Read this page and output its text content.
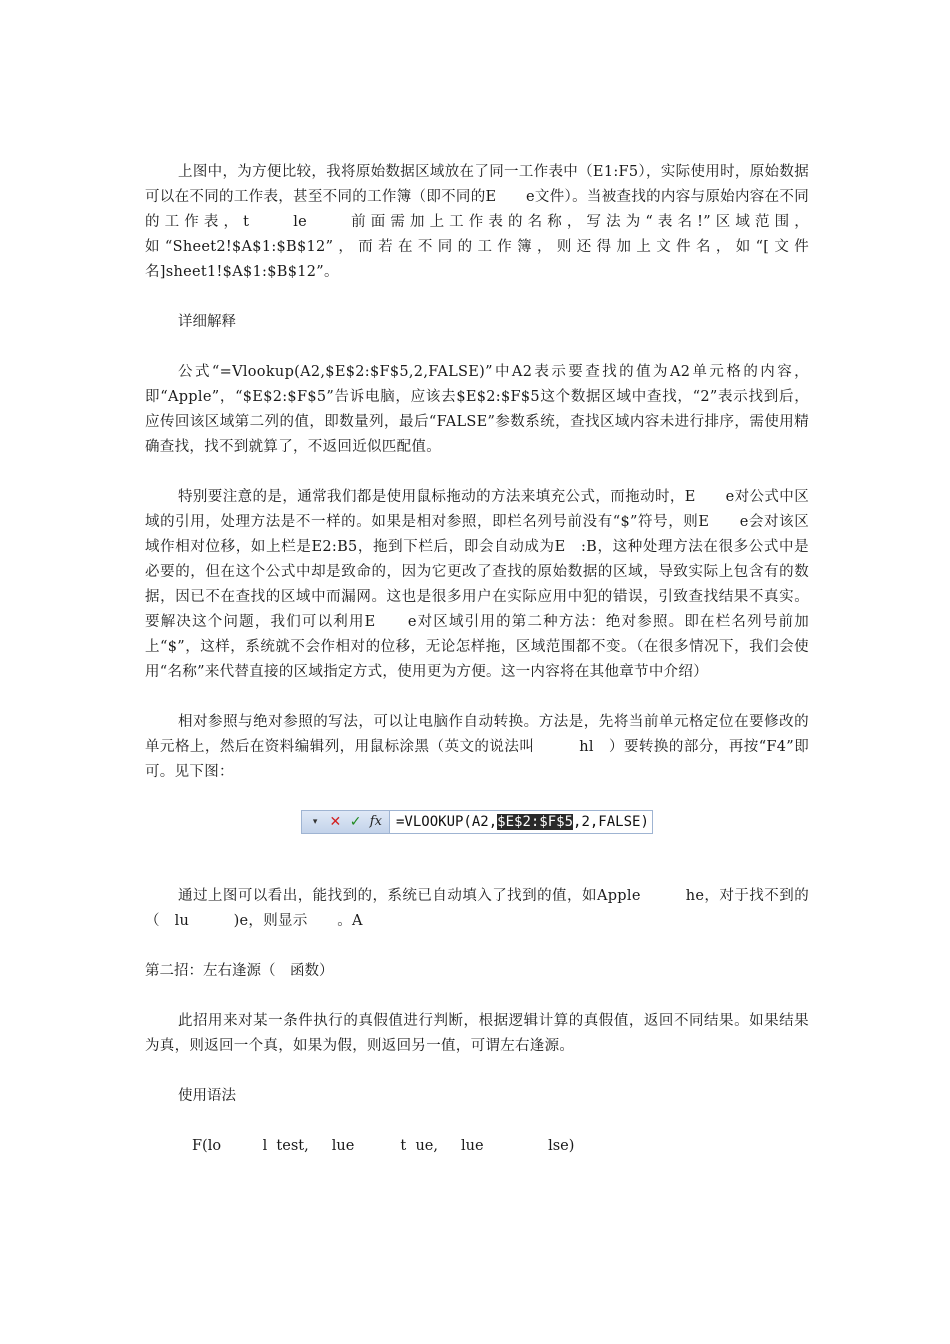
上图中，为方便比较，我将原始数据区域放在了同一工作表中（E1:F5），实际使用时，原始数据可以在不同的工作表，甚至不同的工作簿（即不同的E　　e文件）。当被查找的内容与原始内容在不同的工作表，t　　le　　前面需加上工作表的名称，写法为“表名!”区域范围，如“Sheet2!$A$1:$B$12”，而若在不同的工作簿，则还得加上文件名，如“[文件名]sheet1!$A$1:$B$12”。

详细解释

公式“=Vlookup(A2,$E$2:$F$5,2,FALSE)”中A2表示要查找的值为A2单元格的内容，即“Apple”，“$E$2:$F$5”告诉电脑，应该去$E$2:$F$5这个数据区域中查找，“2”表示找到后，应传回该区域第二列的值，即数量列，最后“FALSE”参数系统，查找区域内容未进行排序，需使用精确查找，找不到就算了，不返回近似匹配值。

特别要注意的是，通常我们都是使用鼠标拖动的方法来填充公式，而拖动时，E　　e对公式中区域的引用，处理方法是不一样的。如果是相对参照，即栏名列号前没有“$”符号，则E　　e会对该区域作相对位移，如上栏是E2:B5，拖到下栏后，即会自动成为E　:B，这种处理方法在很多公式中是必要的，但在这个公式中却是致命的，因为它更改了查找的原始数据的区域，导致实际上包含有的数据，因已不在查找的区域中而漏网。这也是很多用户在实际应用中犯的错误，引致查找结果不真实。要解决这个问题，我们可以利用E　　e对区域引用的第二种方法：绝对参照。即在栏名列号前加上“$”，这样，系统就不会作相对的位移，无论怎样拖，区域范围都不变。（在很多情况下，我们会使用“名称”来代替直接的区域指定方式，使用更为方便。这一内容将在其他章节中介绍）

相对参照与绝对参照的写法，可以让电脑作自动转换。方法是，先将当前单元格定位在要修改的单元格上，然后在资料编辑列，用鼠标涂黑（英文的说法叫　　　hl　）要转换的部分，再按“F4”即可。见下图：

▾ ✕ ✓ fx	=VLOOKUP(A2,$E$2:$F$5,2,FALSE)

通过上图可以看出，能找到的，系统已自动填入了找到的值，如Apple　　　he，对于找不到的（　lu　　　)e，则显示　　。A

第二招：左右逢源（　函数）

此招用来对某一条件执行的真假值进行判断，根据逻辑计算的真假值，返回不同结果。如果结果为真，则返回一个真，如果为假，则返回另一值，可谓左右逢源。

使用语法

F(lo         l  test,     lue          t  ue,     lue              lse)
